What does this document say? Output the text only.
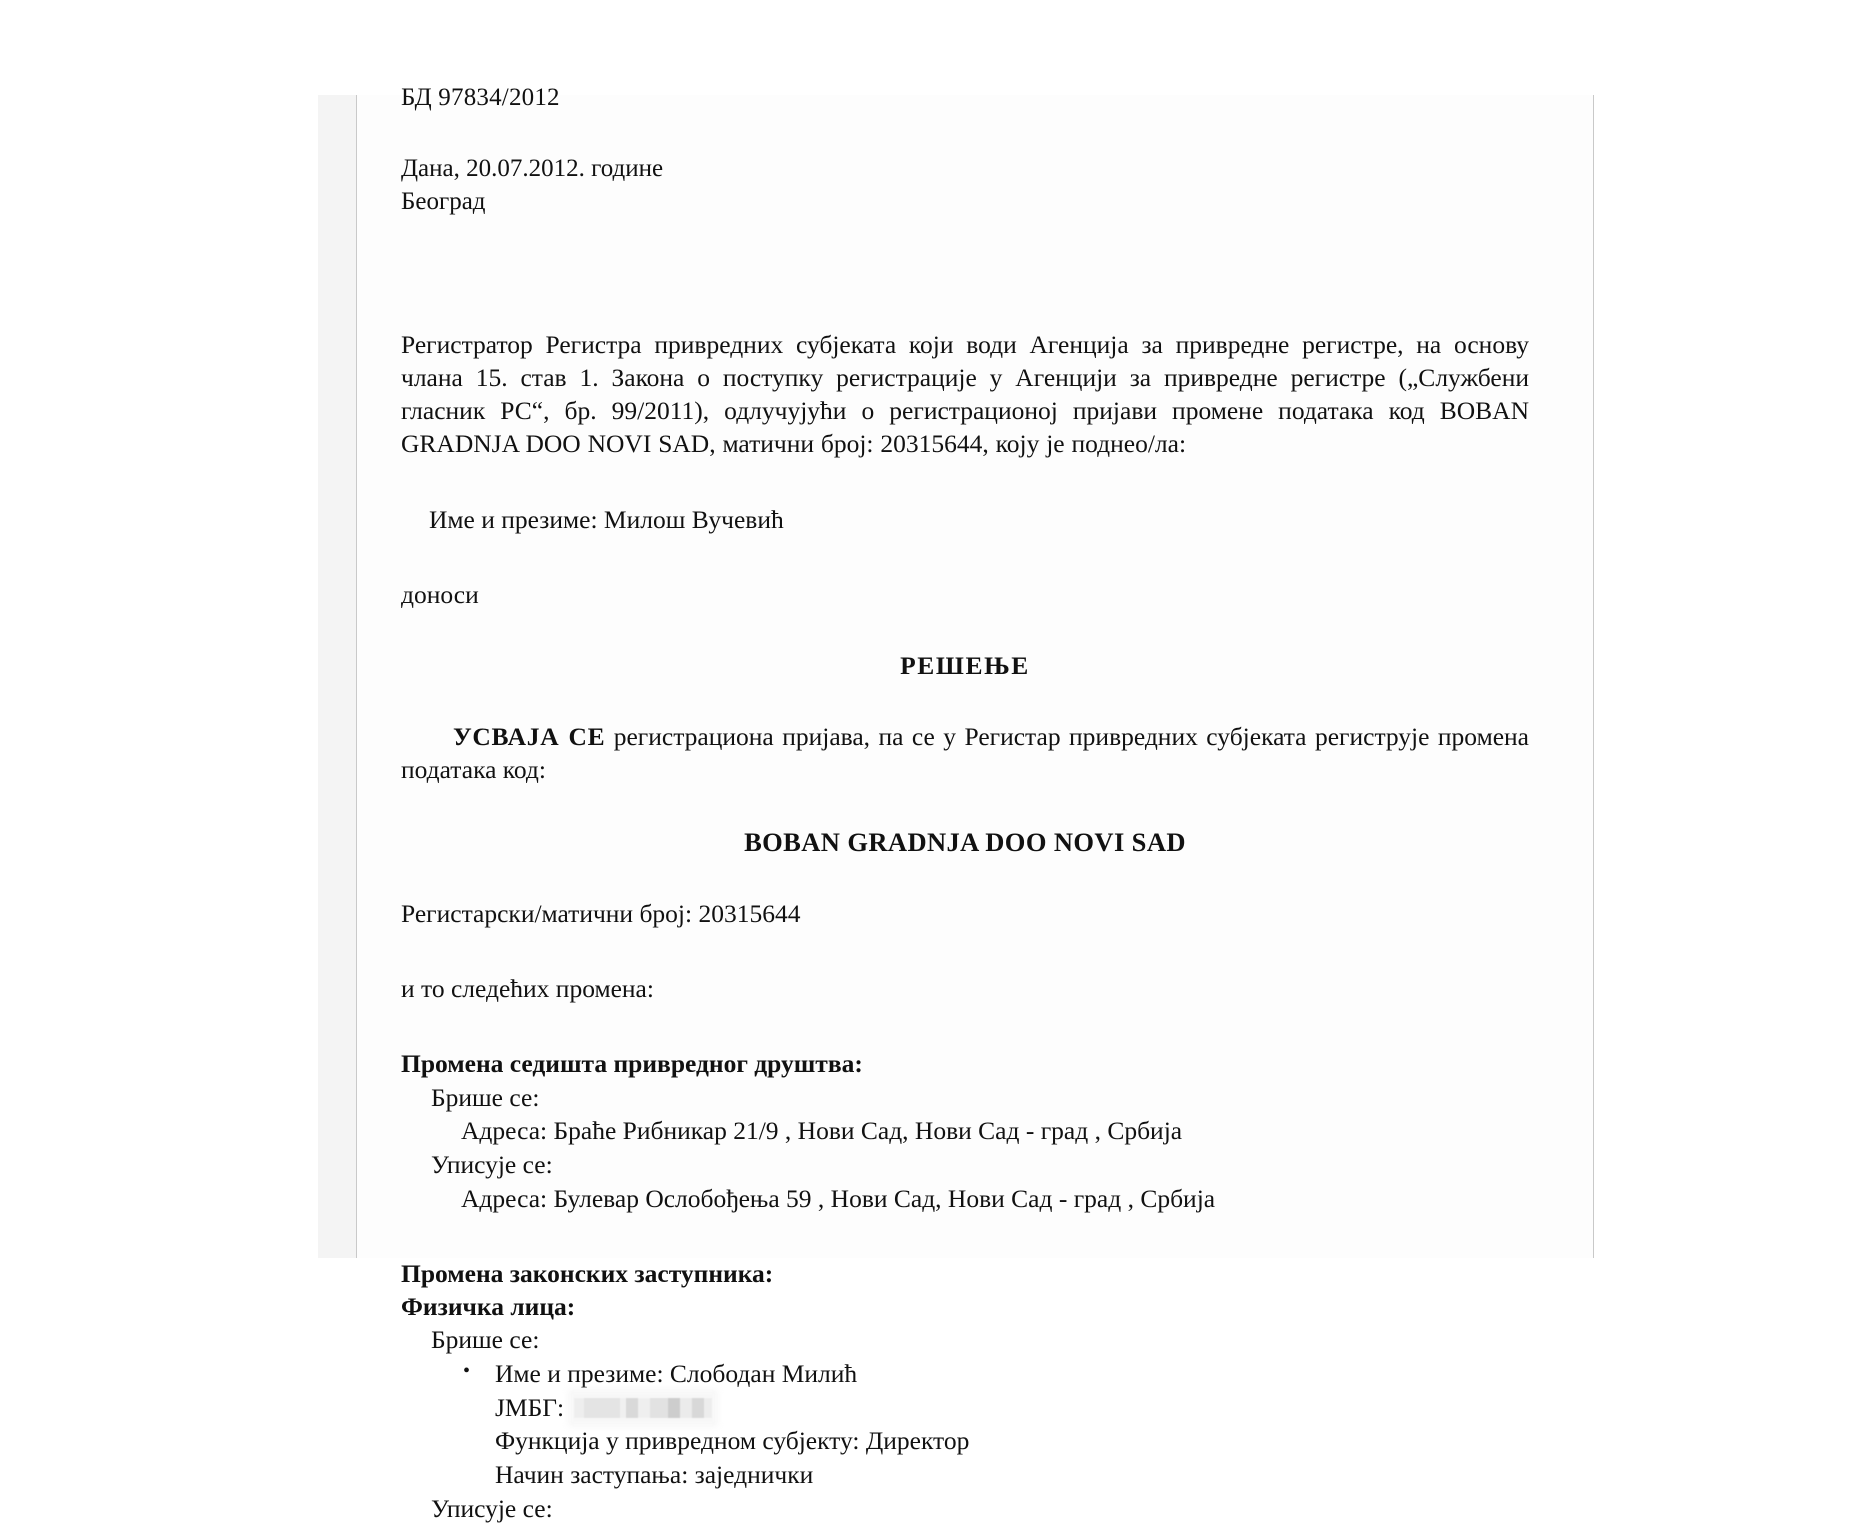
БД 97834/2012
Дана, 20.07.2012. године
Београд
Регистратор Регистра привредних субјеката који води Агенција за привредне регистре, на основу члана 15. став 1. Закона о поступку регистрације у Агенцији за привредне регистре („Службени гласник РС“, бр. 99/2011), одлучујући о регистрационој пријави промене података код BOBAN GRADNJA DOO NOVI SAD, матични број: 20315644, коју је поднео/ла:
Име и презиме: Милош Вучевић
доноси
РЕШЕЊЕ
УСВАЈА СЕ регистрациона пријава, па се у Регистар привредних субјеката региструје промена података код:
BOBAN GRADNJA DOO NOVI SAD
Регистарски/матични број: 20315644
и то следећих промена:
Промена седишта привредног друштва:
Брише се:
Адреса: Браће Рибникар 21/9 , Нови Сад, Нови Сад - град , Србија
Уписује се:
Адреса: Булевар Ослобођења 59 , Нови Сад, Нови Сад - град , Србија
Промена законских заступника:
Физичка лица:
Брише се:
• Име и презиме: Слободан Милић
ЈМБГ:
Функција у привредном субјекту: Директор
Начин заступања: заједнички
Уписује се:
